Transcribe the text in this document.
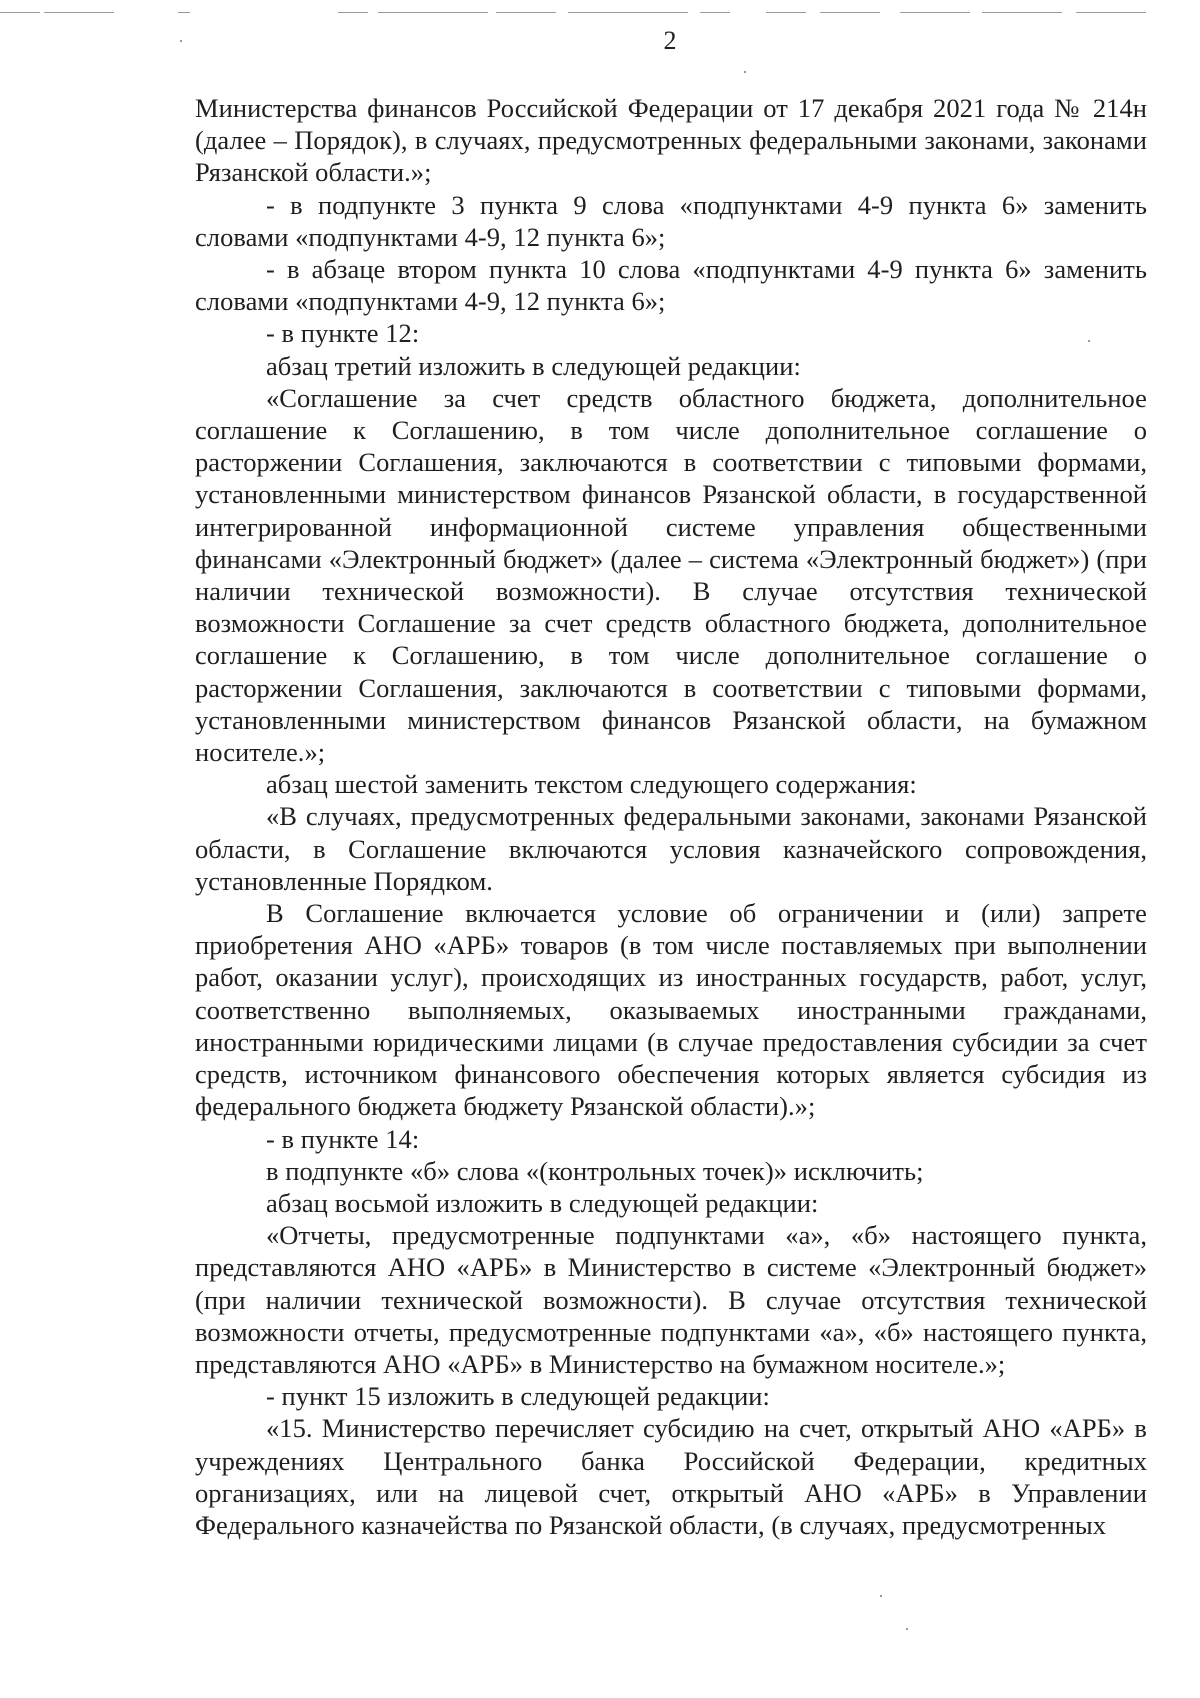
2

Министерства финансов Российской Федерации от 17 декабря 2021 года № 214н (далее – Порядок), в случаях, предусмотренных федеральными законами, законами Рязанской области.»;

- в подпункте 3 пункта 9 слова «подпунктами 4-9 пункта 6» заменить словами «подпунктами 4-9, 12 пункта 6»;

- в абзаце втором пункта 10 слова «подпунктами 4-9 пункта 6» заменить словами «подпунктами 4-9, 12 пункта 6»;

- в пункте 12:

абзац третий изложить в следующей редакции:

«Соглашение за счет средств областного бюджета, дополнительное соглашение к Соглашению, в том числе дополнительное соглашение о расторжении Соглашения, заключаются в соответствии с типовыми формами, установленными министерством финансов Рязанской области, в государственной интегрированной информационной системе управления общественными финансами «Электронный бюджет» (далее – система «Электронный бюджет») (при наличии технической возможности). В случае отсутствия технической возможности Соглашение за счет средств областного бюджета, дополнительное соглашение к Соглашению, в том числе дополнительное соглашение о расторжении Соглашения, заключаются в соответствии с типовыми формами, установленными министерством финансов Рязанской области, на бумажном носителе.»;

абзац шестой заменить текстом следующего содержания:

«В случаях, предусмотренных федеральными законами, законами Рязанской области, в Соглашение включаются условия казначейского сопровождения, установленные Порядком.

В Соглашение включается условие об ограничении и (или) запрете приобретения АНО «АРБ» товаров (в том числе поставляемых при выполнении работ, оказании услуг), происходящих из иностранных государств, работ, услуг, соответственно выполняемых, оказываемых иностранными гражданами, иностранными юридическими лицами (в случае предоставления субсидии за счет средств, источником финансового обеспечения которых является субсидия из федерального бюджета бюджету Рязанской области).»;

- в пункте 14:

в подпункте «б» слова «(контрольных точек)» исключить;

абзац восьмой изложить в следующей редакции:

«Отчеты, предусмотренные подпунктами «а», «б» настоящего пункта, представляются АНО «АРБ» в Министерство в системе «Электронный бюджет» (при наличии технической возможности). В случае отсутствия технической возможности отчеты, предусмотренные подпунктами «а», «б» настоящего пункта, представляются АНО «АРБ» в Министерство на бумажном носителе.»;

- пункт 15 изложить в следующей редакции:

«15. Министерство перечисляет субсидию на счет, открытый АНО «АРБ» в учреждениях Центрального банка Российской Федерации, кредитных организациях, или на лицевой счет, открытый АНО «АРБ» в Управлении Федерального казначейства по Рязанской области, (в случаях, предусмотренных
